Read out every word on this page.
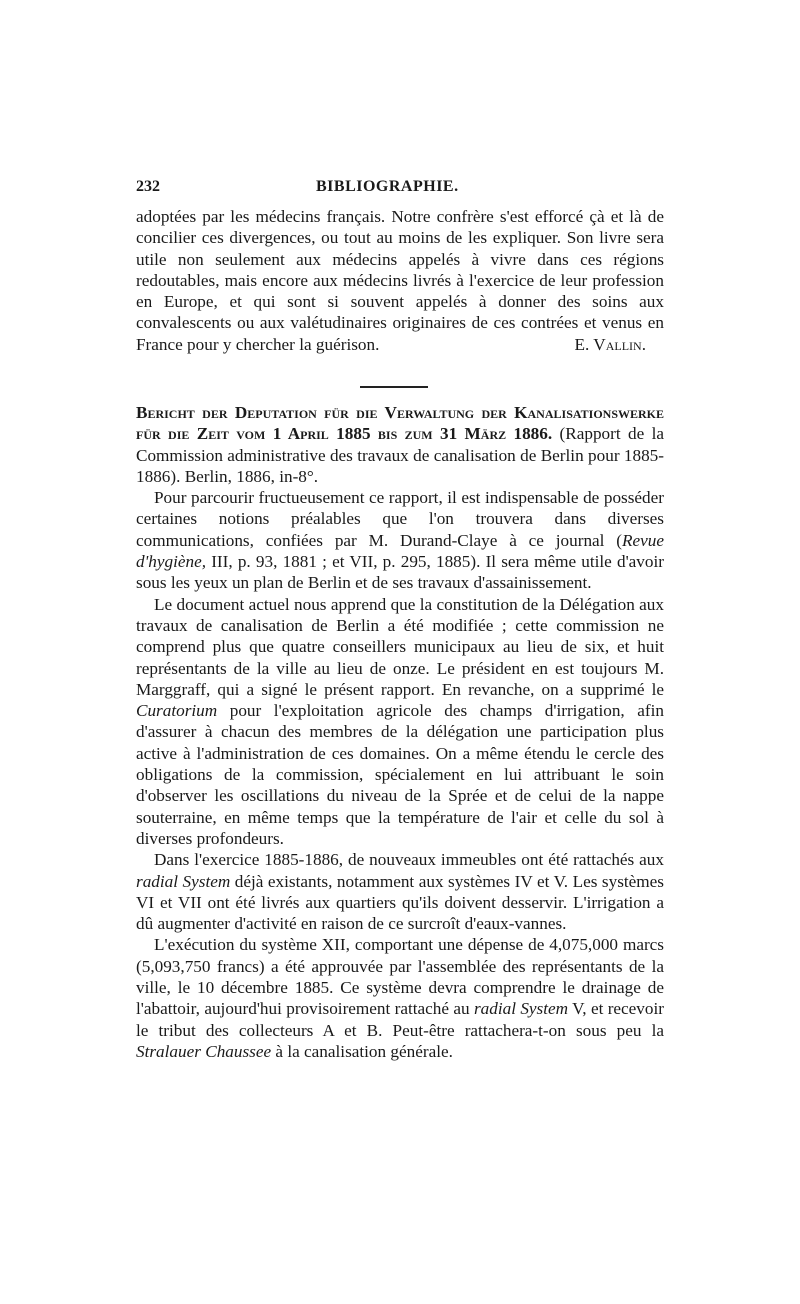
232	BIBLIOGRAPHIE.

adoptées par les médecins français. Notre confrère s'est efforcé çà et là de concilier ces divergences, ou tout au moins de les expliquer. Son livre sera utile non seulement aux médecins appelés à vivre dans ces régions redoutables, mais encore aux médecins livrés à l'exercice de leur profession en Europe, et qui sont si souvent appelés à donner des soins aux convalescents ou aux valétudinaires originaires de ces contrées et venus en France pour y chercher la guérison.	E. Vallin.

Bericht der Deputation für die Verwaltung der Kanalisationswerke für die Zeit vom 1 April 1885 bis zum 31 März 1886. (Rapport de la Commission administrative des travaux de canalisation de Berlin pour 1885-1886). Berlin, 1886, in-8°.

Pour parcourir fructueusement ce rapport, il est indispensable de posséder certaines notions préalables que l'on trouvera dans diverses communications, confiées par M. Durand-Claye à ce journal (Revue d'hygiène, III, p. 93, 1881 ; et VII, p. 295, 1885). Il sera même utile d'avoir sous les yeux un plan de Berlin et de ses travaux d'assainissement.

Le document actuel nous apprend que la constitution de la Délégation aux travaux de canalisation de Berlin a été modifiée ; cette commission ne comprend plus que quatre conseillers municipaux au lieu de six, et huit représentants de la ville au lieu de onze. Le président en est toujours M. Marggraff, qui a signé le présent rapport. En revanche, on a supprimé le Curatorium pour l'exploitation agricole des champs d'irrigation, afin d'assurer à chacun des membres de la délégation une participation plus active à l'administration de ces domaines. On a même étendu le cercle des obligations de la commission, spécialement en lui attribuant le soin d'observer les oscillations du niveau de la Sprée et de celui de la nappe souterraine, en même temps que la température de l'air et celle du sol à diverses profondeurs.

Dans l'exercice 1885-1886, de nouveaux immeubles ont été rattachés aux radial System déjà existants, notamment aux systèmes IV et V. Les systèmes VI et VII ont été livrés aux quartiers qu'ils doivent desservir. L'irrigation a dû augmenter d'activité en raison de ce surcroît d'eaux-vannes.

L'exécution du système XII, comportant une dépense de 4,075,000 marcs (5,093,750 francs) a été approuvée par l'assemblée des représentants de la ville, le 10 décembre 1885. Ce système devra comprendre le drainage de l'abattoir, aujourd'hui provisoirement rattaché au radial System V, et recevoir le tribut des collecteurs A et B. Peut-être rattachera-t-on sous peu la Stralauer Chaussee à la canalisation générale.
